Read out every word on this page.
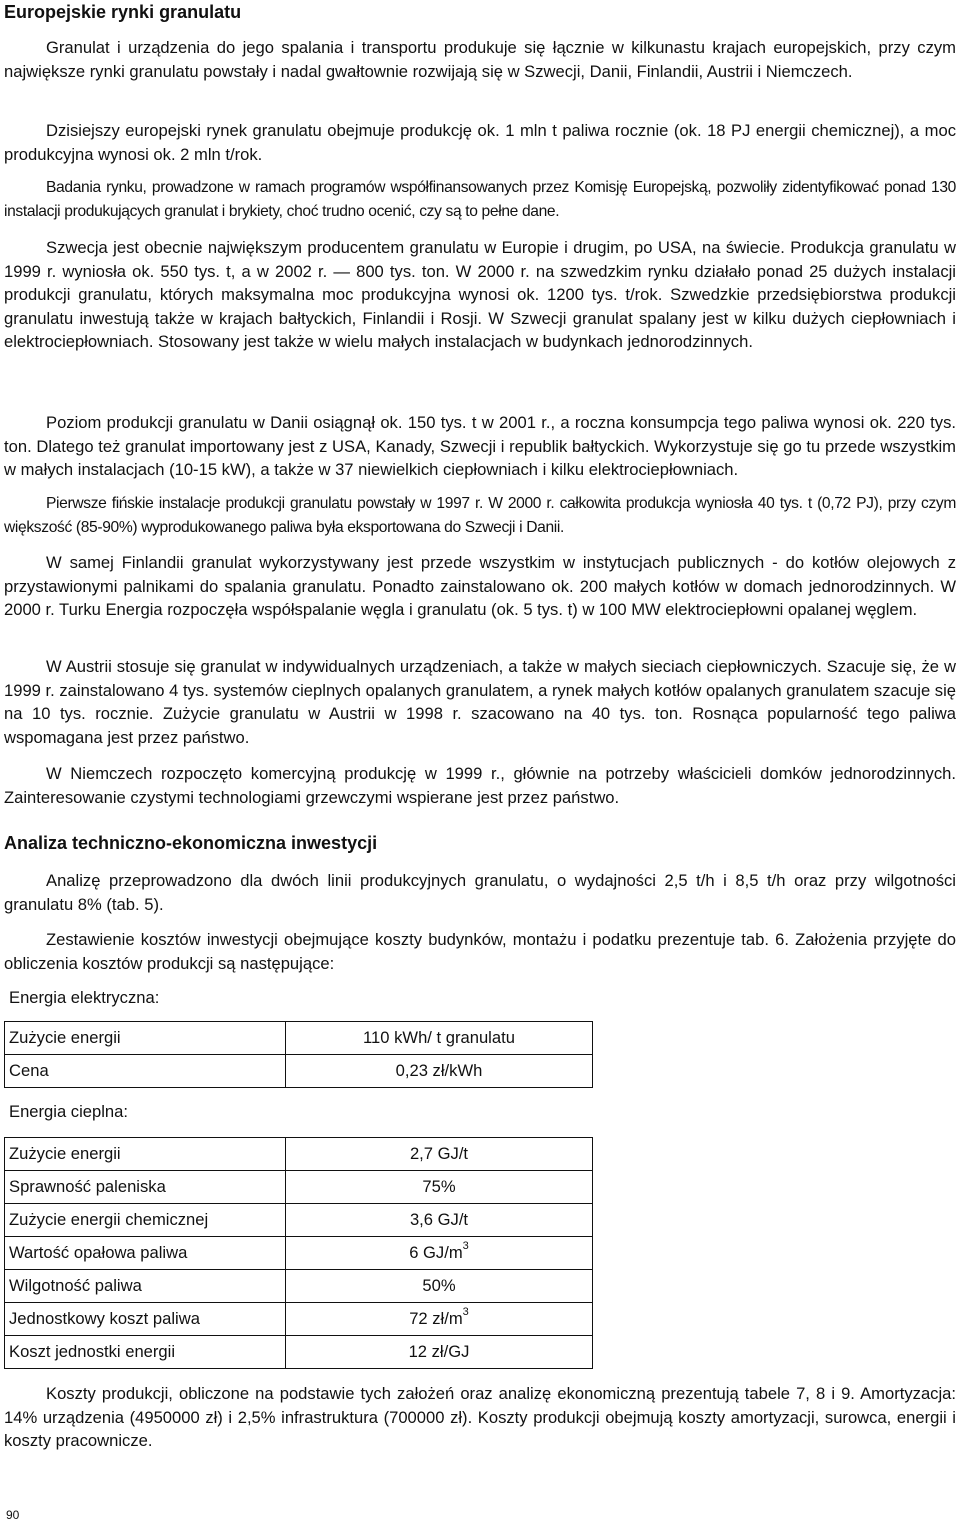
Europejskie rynki granulatu

Granulat i urządzenia do jego spalania i transportu produkuje się łącznie w kilkunastu krajach europejskich, przy czym największe rynki granulatu powstały i nadal gwałtownie rozwijają się w Szwecji, Danii, Finlandii, Austrii i Niemczech.

Dzisiejszy europejski rynek granulatu obejmuje produkcję ok. 1 mln t paliwa rocznie (ok. 18 PJ energii chemicznej), a moc produkcyjna wynosi ok. 2 mln t/rok.

Badania rynku, prowadzone w ramach programów współfinansowanych przez Komisję Europejską, pozwoliły zidentyfikować ponad 130 instalacji produkujących granulat i brykiety, choć trudno ocenić, czy są to pełne dane.

Szwecja jest obecnie największym producentem granulatu w Europie i drugim, po USA, na świecie. Produkcja granulatu w 1999 r. wyniosła ok. 550 tys. t, a w 2002 r. — 800 tys. ton. W 2000 r. na szwedzkim rynku działało ponad 25 dużych instalacji produkcji granulatu, których maksymalna moc produkcyjna wynosi ok. 1200 tys. t/rok. Szwedzkie przedsiębiorstwa produkcji granulatu inwestują także w krajach bałtyckich, Finlandii i Rosji. W Szwecji granulat spalany jest w kilku dużych ciepłowniach i elektrociepłowniach. Stosowany jest także w wielu małych instalacjach w budynkach jednorodzinnych.

Poziom produkcji granulatu w Danii osiągnął ok. 150 tys. t w 2001 r., a roczna konsumpcja tego paliwa wynosi ok. 220 tys. ton. Dlatego też granulat importowany jest z USA, Kanady, Szwecji i republik bałtyckich. Wykorzystuje się go tu przede wszystkim w małych instalacjach (10-15 kW), a także w 37 niewielkich ciepłowniach i kilku elektrociepłowniach.

Pierwsze fińskie instalacje produkcji granulatu powstały w 1997 r. W 2000 r. całkowita produkcja wyniosła 40 tys. t (0,72 PJ), przy czym większość (85-90%) wyprodukowanego paliwa była eksportowana do Szwecji i Danii.

W samej Finlandii granulat wykorzystywany jest przede wszystkim w instytucjach publicznych - do kotłów olejowych z przystawionymi palnikami do spalania granulatu. Ponadto zainstalowano ok. 200 małych kotłów w domach jednorodzinnych. W 2000 r. Turku Energia rozpoczęła współspalanie węgla i granulatu (ok. 5 tys. t) w 100 MW elektrociepłowni opalanej węglem.

W Austrii stosuje się granulat w indywidualnych urządzeniach, a także w małych sieciach ciepłowniczych. Szacuje się, że w 1999 r. zainstalowano 4 tys. systemów cieplnych opalanych granulatem, a rynek małych kotłów opalanych granulatem szacuje się na 10 tys. rocznie. Zużycie granulatu w Austrii w 1998 r. szacowano na 40 tys. ton. Rosnąca popularność tego paliwa wspomagana jest przez państwo.

W Niemczech rozpoczęto komercyjną produkcję w 1999 r., głównie na potrzeby właścicieli domków jednorodzinnych. Zainteresowanie czystymi technologiami grzewczymi wspierane jest przez państwo.

Analiza techniczno-ekonomiczna inwestycji

Analizę przeprowadzono dla dwóch linii produkcyjnych granulatu, o wydajności 2,5 t/h i 8,5 t/h oraz przy wilgotności granulatu 8% (tab. 5).

Zestawienie kosztów inwestycji obejmujące koszty budynków, montażu i podatku prezentuje tab. 6. Założenia przyjęte do obliczenia kosztów produkcji są następujące:

Energia elektryczna:

Zużycie energii	110 kWh/ t granulatu
Cena	0,23 zł/kWh

Energia cieplna:

Zużycie energii	2,7 GJ/t
Sprawność paleniska	75%
Zużycie energii chemicznej	3,6 GJ/t
Wartość opałowa paliwa	6 $GJ/m^3$
Wilgotność paliwa	50%
Jednostkowy koszt paliwa	72 $zł/m^3$
Koszt jednostki energii	12 zł/GJ

Koszty produkcji, obliczone na podstawie tych założeń oraz analizę ekonomiczną prezentują tabele 7, 8 i 9. Amortyzacja: 14% urządzenia (4950000 zł) i 2,5% infrastruktura (700000 zł). Koszty produkcji obejmują koszty amortyzacji, surowca, energii i koszty pracownicze.

90
